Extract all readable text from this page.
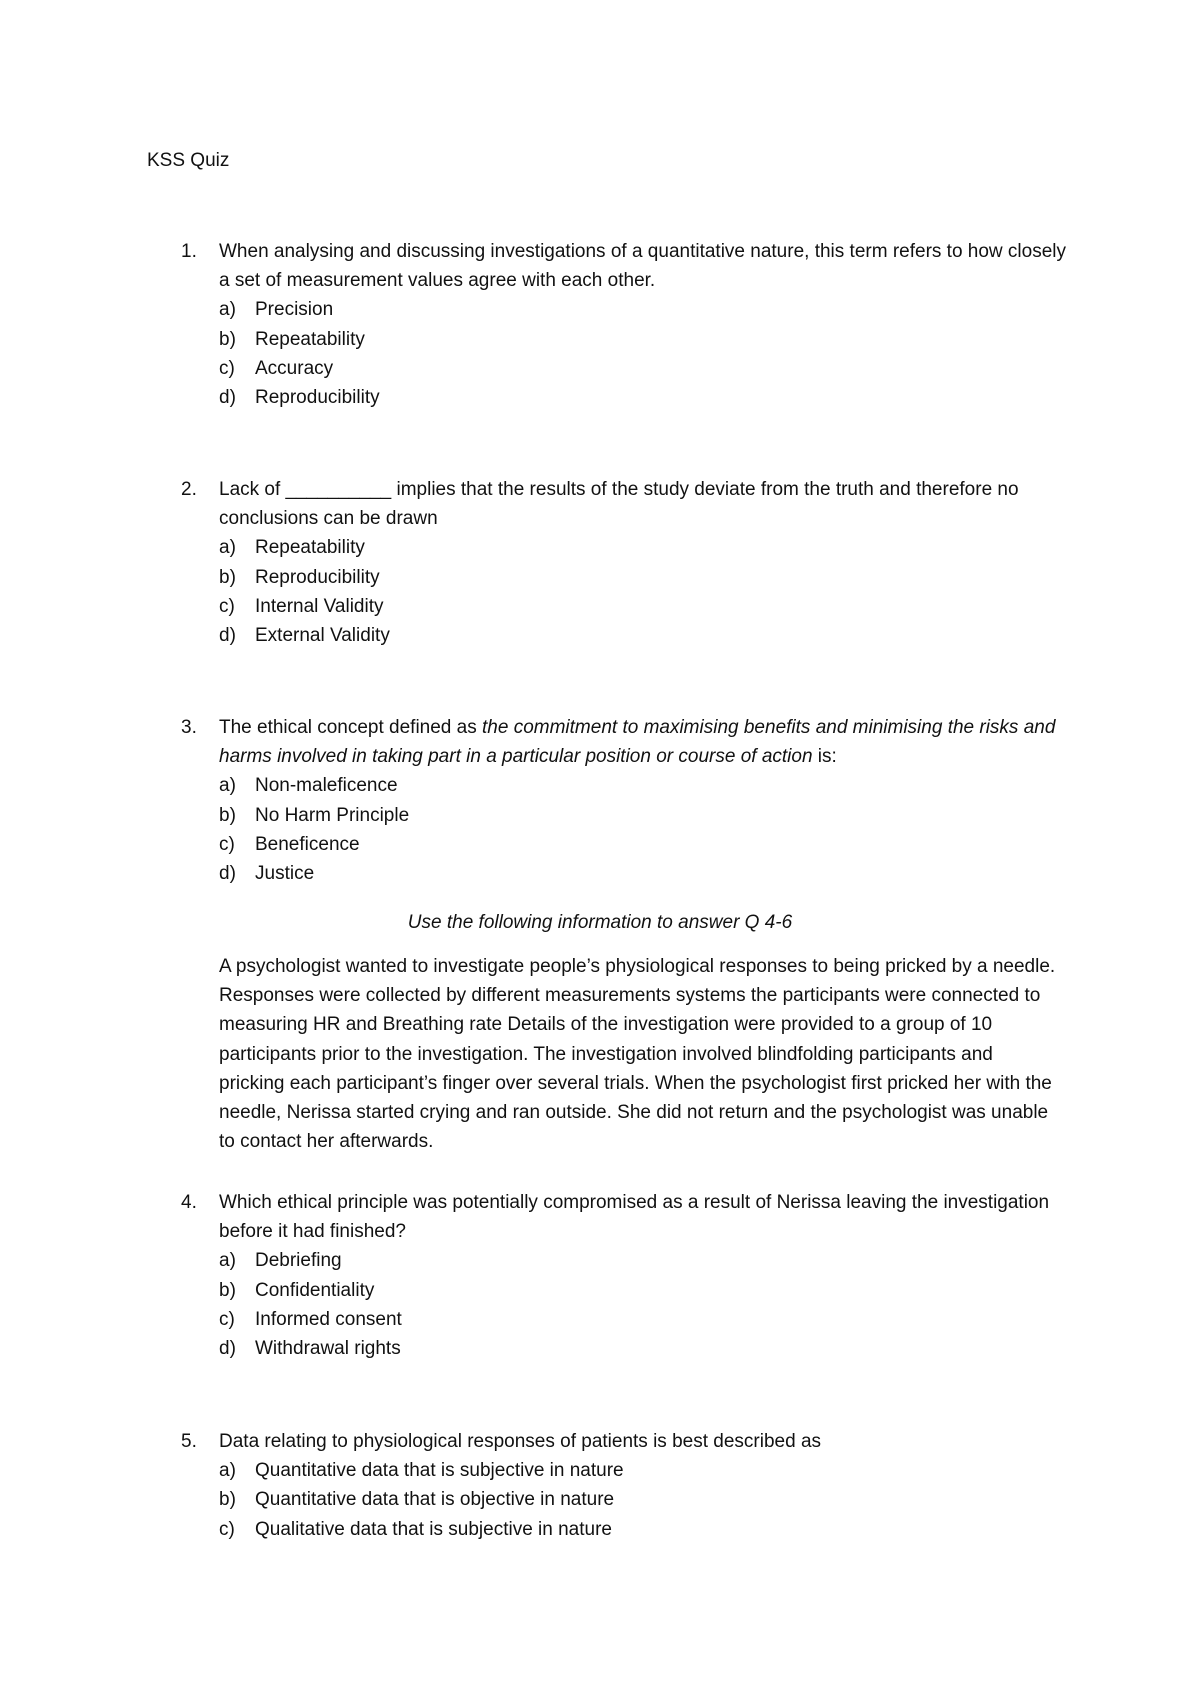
KSS Quiz
1. When analysing and discussing investigations of a quantitative nature, this term refers to how closely a set of measurement values agree with each other.
a) Precision
b) Repeatability
c) Accuracy
d) Reproducibility
2. Lack of __________ implies that the results of the study deviate from the truth and therefore no conclusions can be drawn
a) Repeatability
b) Reproducibility
c) Internal Validity
d) External Validity
3. The ethical concept defined as the commitment to maximising benefits and minimising the risks and harms involved in taking part in a particular position or course of action is:
a) Non-maleficence
b) No Harm Principle
c) Beneficence
d) Justice
Use the following information to answer Q 4-6
A psychologist wanted to investigate people’s physiological responses to being pricked by a needle. Responses were collected by different measurements systems the participants were connected to measuring HR and Breathing rate Details of the investigation were provided to a group of 10 participants prior to the investigation. The investigation involved blindfolding participants and pricking each participant’s finger over several trials. When the psychologist first pricked her with the needle, Nerissa started crying and ran outside. She did not return and the psychologist was unable to contact her afterwards.
4. Which ethical principle was potentially compromised as a result of Nerissa leaving the investigation before it had finished?
a) Debriefing
b) Confidentiality
c) Informed consent
d) Withdrawal rights
5. Data relating to physiological responses of patients is best described as
a) Quantitative data that is subjective in nature
b) Quantitative data that is objective in nature
c) Qualitative data that is subjective in nature
